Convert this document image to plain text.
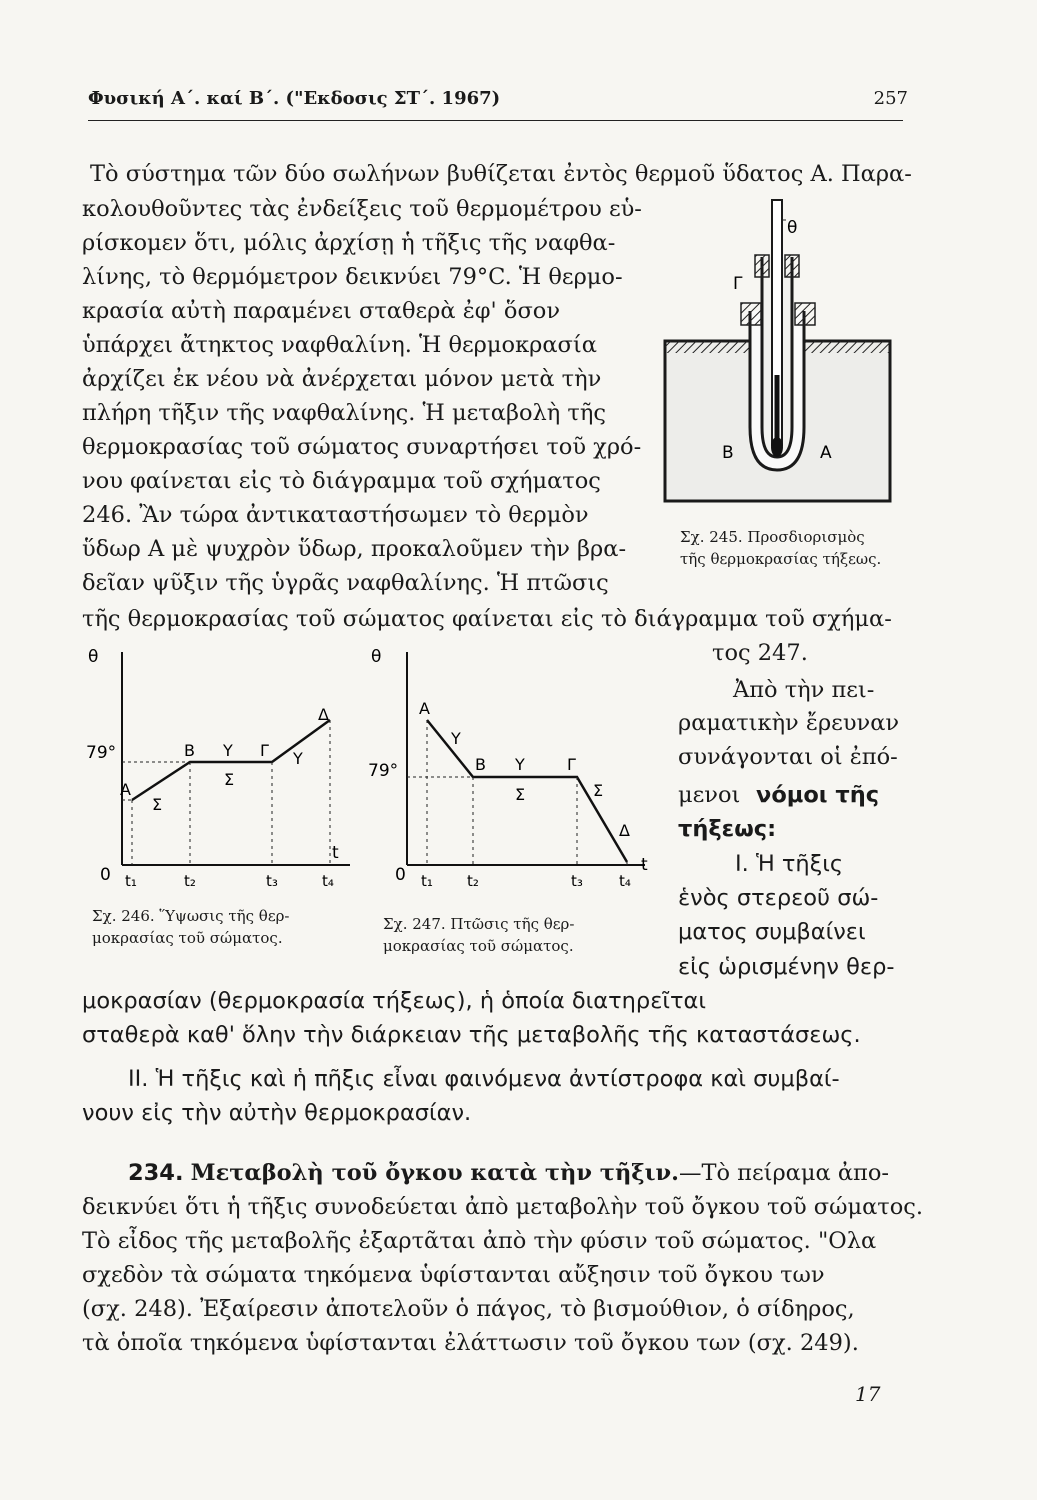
Φυσική Α΄. καί Β΄. ("Εκδοσις ΣΤ΄. 1967)	257
Τὸ σύστημα τῶν δύο σωλήνων βυθίζεται ἐντὸς θερμοῦ ὕδατος Α. Παρα-
κολουθοῦντες τὰς ἐνδείξεις τοῦ θερμομέτρου εὑ-
ρίσκομεν ὅτι, μόλις ἀρχίσῃ ἡ τῆξις τῆς ναφθα-
λίνης, τὸ θερμόμετρον δεικνύει 79°C. Ἡ θερμο-
κρασία αὐτὴ παραμένει σταθερὰ ἐφ' ὅσον
ὑπάρχει ἄτηκτος ναφθαλίνη. Ἡ θερμοκρασία
ἀρχίζει ἐκ νέου νὰ ἀνέρχεται μόνον μετὰ τὴν
πλήρη τῆξιν τῆς ναφθαλίνης. Ἡ μεταβολὴ τῆς
θερμοκρασίας τοῦ σώματος συναρτήσει τοῦ χρό-
νου φαίνεται εἰς τὸ διάγραμμα τοῦ σχήματος
246. Ἂν τώρα ἀντικαταστήσωμεν τὸ θερμὸν
ὕδωρ Α μὲ ψυχρὸν ὕδωρ, προκαλοῦμεν τὴν βρα-
δεῖαν ψῦξιν τῆς ὑγρᾶς ναφθαλίνης. Ἡ πτῶσις
τῆς θερμοκρασίας τοῦ σώματος φαίνεται εἰς τὸ διάγραμμα τοῦ σχήμα-
θ
Γ
Β	Α
Σχ. 245. Προσδιορισμὸς
τῆς θερμοκρασίας τήξεως.
θ
t
0
79°
Α
Σ
Β Υ
Σ
Γ Υ
Δ
t₁	t₂	t₃	t₄
Σχ. 246. Ὕψωσις τῆς θερ-
μοκρασίας τοῦ σώματος.
θ
t
0
79°
Α
Υ
Β Υ
Σ
Γ
Σ
Δ
t₁ t₂	t₃ t₄
Σχ. 247. Πτῶσις τῆς θερ-
μοκρασίας τοῦ σώματος.
τος 247.
Ἀπὸ τὴν πει-
ραματικὴν ἔρευναν
συνάγονται οἱ ἐπό-
μενοι νόμοι τῆς
τήξεως:
Ι. Ἡ τῆξις
ἑνὸς στερεοῦ σώ-
ματος συμβαίνει
εἰς ὡρισμένην θερ-
μοκρασίαν (θερμοκρασία τήξεως), ἡ ὁποία διατηρεῖται
σταθερὰ καθ' ὅλην τὴν διάρκειαν τῆς μεταβολῆς τῆς καταστάσεως.
ΙΙ. Ἡ τῆξις καὶ ἡ πῆξις εἶναι φαινόμενα ἀντίστροφα καὶ συμβαί-
νουν εἰς τὴν αὐτὴν θερμοκρασίαν.
234. Μεταβολὴ τοῦ ὄγκου κατὰ τὴν τῆξιν.—Τὸ πείραμα ἀπο-
δεικνύει ὅτι ἡ τῆξις συνοδεύεται ἀπὸ μεταβολὴν τοῦ ὄγκου τοῦ σώματος.
Τὸ εἶδος τῆς μεταβολῆς ἐξαρτᾶται ἀπὸ τὴν φύσιν τοῦ σώματος. "Ολα
σχεδὸν τὰ σώματα τηκόμενα ὑφίστανται αὔξησιν τοῦ ὄγκου των
(σχ. 248). Ἐξαίρεσιν ἀποτελοῦν ὁ πάγος, τὸ βισμούθιον, ὁ σίδηρος,
τὰ ὁποῖα τηκόμενα ὑφίστανται ἐλάττωσιν τοῦ ὄγκου των (σχ. 249).
17
